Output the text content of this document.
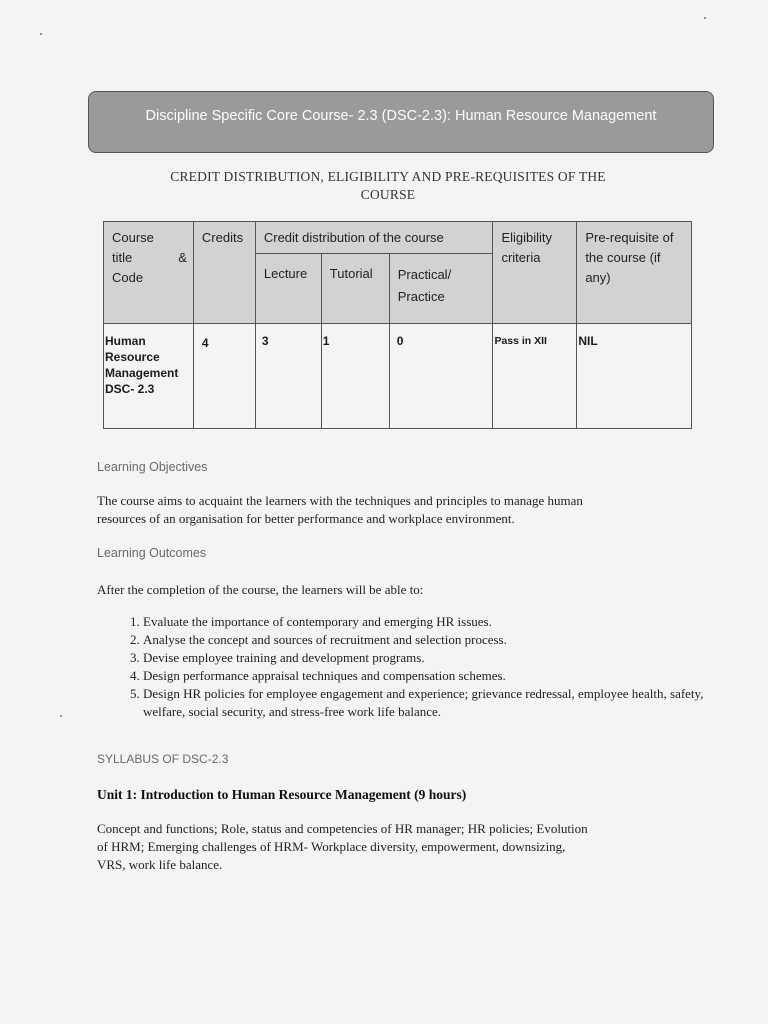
Discipline Specific Core Course- 2.3 (DSC-2.3): Human Resource Management
CREDIT DISTRIBUTION, ELIGIBILITY AND PRE-REQUISITES OF THE
COURSE
Course
title &
Code	Credits	Credit distribution of the course			Eligibility criteria	Pre-requisite of the course (if any)

		Lecture	Tutorial	Practical/
Practice		

Human
Resource
Management
DSC- 2.3	4	3	1	0	Pass in XII	NIL
Learning Objectives
The course aims to acquaint the learners with the techniques and principles to manage human
resources of an organisation for better performance and workplace environment.
Learning Outcomes
After the completion of the course, the learners will be able to:
1. Evaluate the importance of contemporary and emerging HR issues.
2. Analyse the concept and sources of recruitment and selection process.
3. Devise employee training and development programs.
4. Design performance appraisal techniques and compensation schemes.
5. Design HR policies for employee engagement and experience; grievance redressal, employee health, safety, welfare, social security, and stress-free work life balance.
SYLLABUS OF DSC-2.3
Unit 1: Introduction to Human Resource Management (9 hours)
Concept and functions; Role, status and competencies of HR manager; HR policies; Evolution
of HRM; Emerging challenges of HRM- Workplace diversity, empowerment, downsizing,
VRS, work life balance.
